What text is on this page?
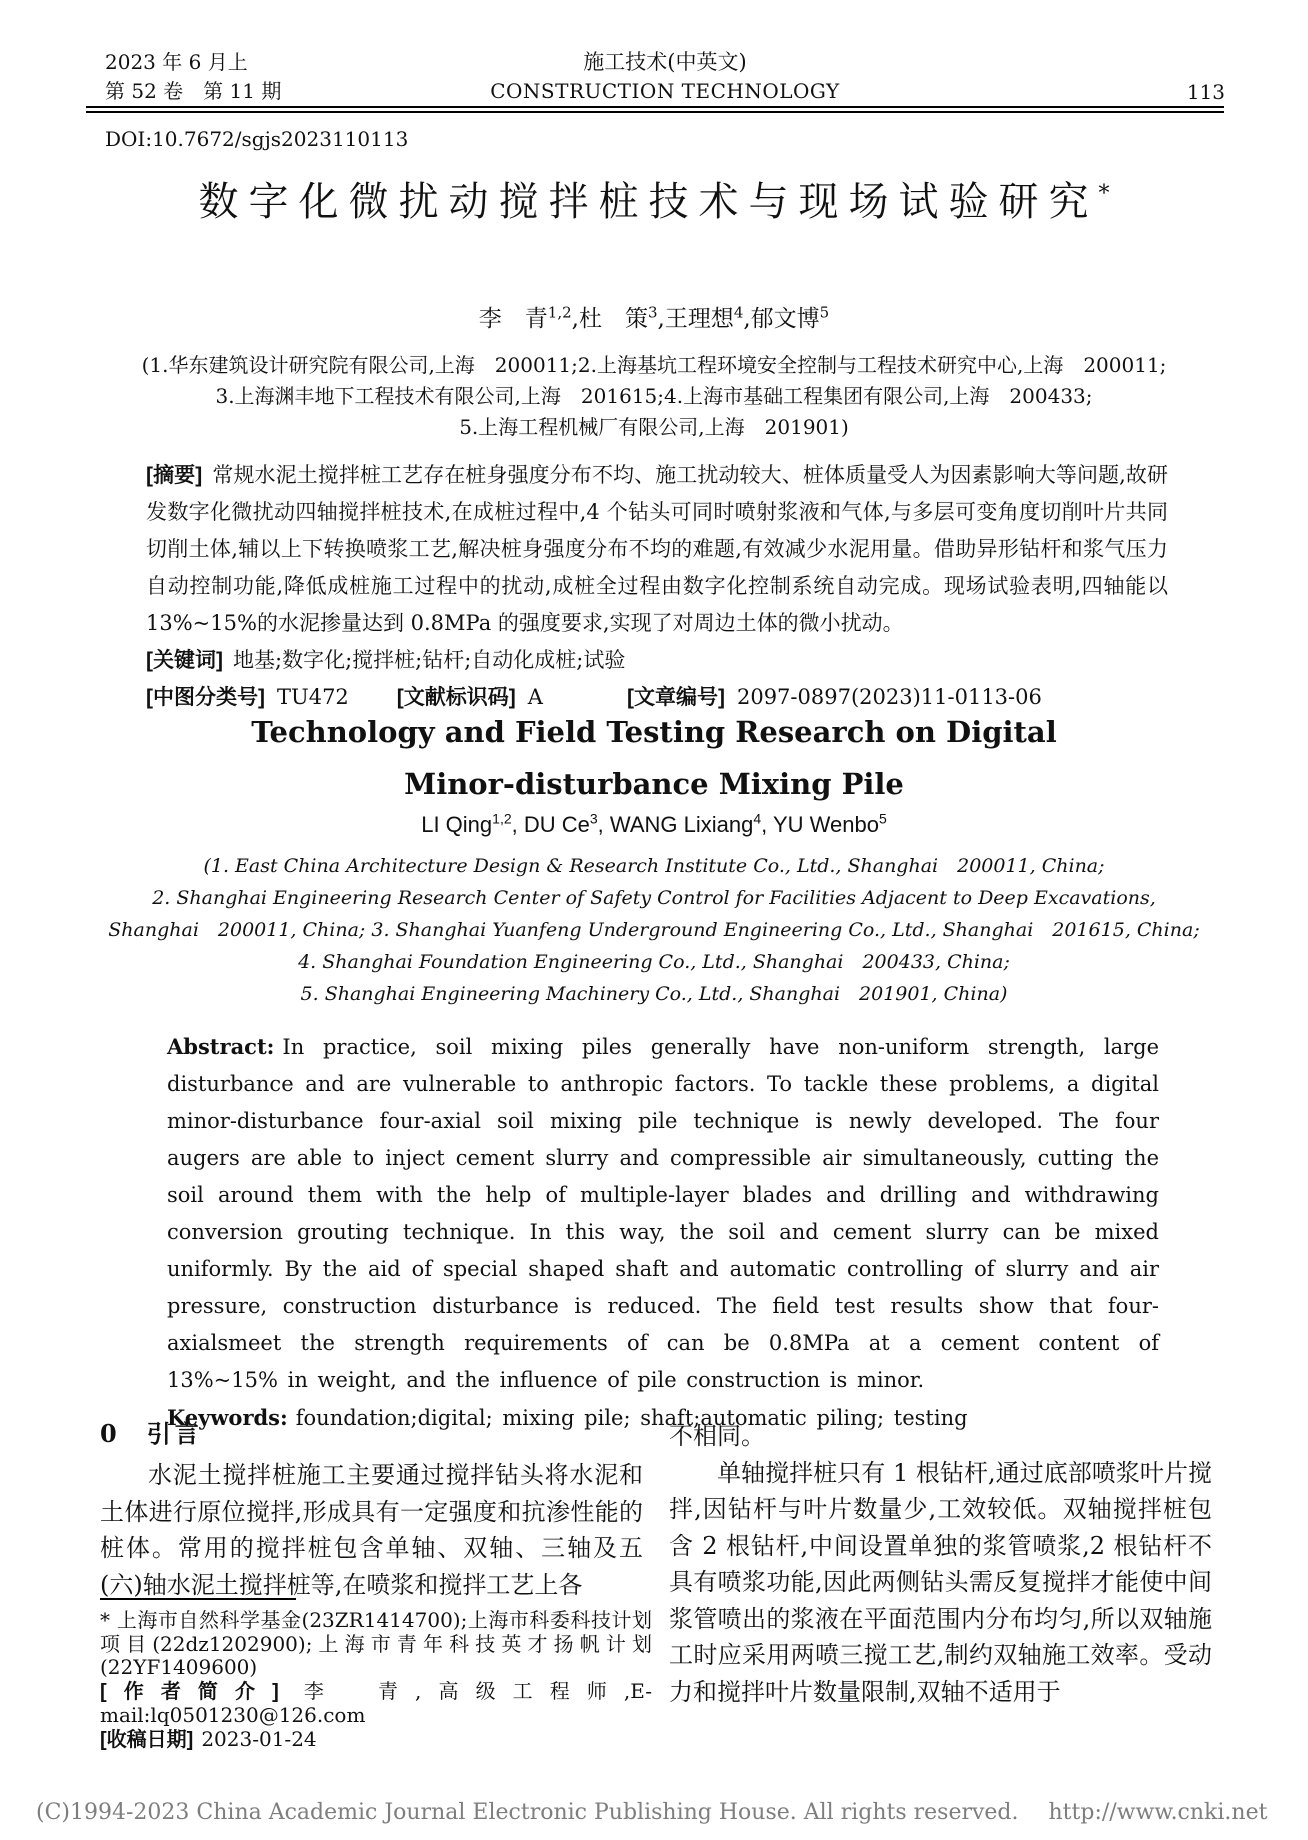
2023 年 6 月上
第 52 卷　第 11 期
施工技术(中英文)
CONSTRUCTION TECHNOLOGY	113
DOI:10.7672/sgjs2023110113
数字化微扰动搅拌桩技术与现场试验研究*
李　青$^{1,2}$,杜　策$^3$,王理想$^4$,郁文博$^5$
(1.华东建筑设计研究院有限公司,上海　200011;2.上海基坑工程环境安全控制与工程技术研究中心,上海　200011;
3.上海渊丰地下工程技术有限公司,上海　201615;4.上海市基础工程集团有限公司,上海　200433;
5.上海工程机械厂有限公司,上海　201901)

[摘要] 常规水泥土搅拌桩工艺存在桩身强度分布不均、施工扰动较大、桩体质量受人为因素影响大等问题,故研发数字化微扰动四轴搅拌桩技术,在成桩过程中,4 个钻头可同时喷射浆液和气体,与多层可变角度切削叶片共同切削土体,辅以上下转换喷浆工艺,解决桩身强度分布不均的难题,有效减少水泥用量。借助异形钻杆和浆气压力自动控制功能,降低成桩施工过程中的扰动,成桩全过程由数字化控制系统自动完成。现场试验表明,四轴能以13%~15%的水泥掺量达到 0.8MPa 的强度要求,实现了对周边土体的微小扰动。

[关键词] 地基;数字化;搅拌桩;钻杆;自动化成桩;试验

[中图分类号] TU472 [文献标识码] A	[文章编号] 2097-0897(2023)11-0113-06

Technology and Field Testing Research on Digital
Minor-disturbance Mixing Pile
LI Qing$^{1,2}$, DU Ce$^3$, WANG Lixiang$^4$, YU Wenbo$^5$
(1. East China Architecture Design & Research Institute Co., Ltd., Shanghai　200011, China;
2. Shanghai Engineering Research Center of Safety Control for Facilities Adjacent to Deep Excavations,
Shanghai　200011, China; 3. Shanghai Yuanfeng Underground Engineering Co., Ltd., Shanghai　201615, China;
4. Shanghai Foundation Engineering Co., Ltd., Shanghai　200433, China;
5. Shanghai Engineering Machinery Co., Ltd., Shanghai　201901, China)

Abstract: In practice, soil mixing piles generally have non-uniform strength, large disturbance and are vulnerable to anthropic factors. To tackle these problems, a digital minor-disturbance four-axial soil mixing pile technique is newly developed. The four augers are able to inject cement slurry and compressible air simultaneously, cutting the soil around them with the help of multiple-layer blades and drilling and withdrawing conversion grouting technique. In this way, the soil and cement slurry can be mixed uniformly. By the aid of special shaped shaft and automatic controlling of slurry and air pressure, construction disturbance is reduced. The field test results show that four-axialsmeet the strength requirements of can be 0.8MPa at a cement content of 13%~15% in weight, and the influence of pile construction is minor.

Keywords: foundation;digital; mixing pile; shaft;automatic piling; testing

0 引言

水泥土搅拌桩施工主要通过搅拌钻头将水泥和土体进行原位搅拌,形成具有一定强度和抗渗性能的桩体。常用的搅拌桩包含单轴、双轴、三轴及五(六)轴水泥土搅拌桩等,在喷浆和搅拌工艺上各

不相同。

单轴搅拌桩只有 1 根钻杆,通过底部喷浆叶片搅拌,因钻杆与叶片数量少,工效较低。双轴搅拌桩包含 2 根钻杆,中间设置单独的浆管喷浆,2 根钻杆不具有喷浆功能,因此两侧钻头需反复搅拌才能使中间浆管喷出的浆液在平面范围内分布均匀,所以双轴施工时应采用两喷三搅工艺,制约双轴施工效率。受动力和搅拌叶片数量限制,双轴不适用于

* 上海市自然科学基金(23ZR1414700);上海市科委科技计划项目(22dz1202900);上海市青年科技英才扬帆计划(22YF1409600)

[作者简介] 李　青,高级工程师,E-mail:lq0501230@126.com

[收稿日期] 2023-01-24

(C)1994-2023 China Academic Journal Electronic Publishing House. All rights reserved. http://www.cnki.net
